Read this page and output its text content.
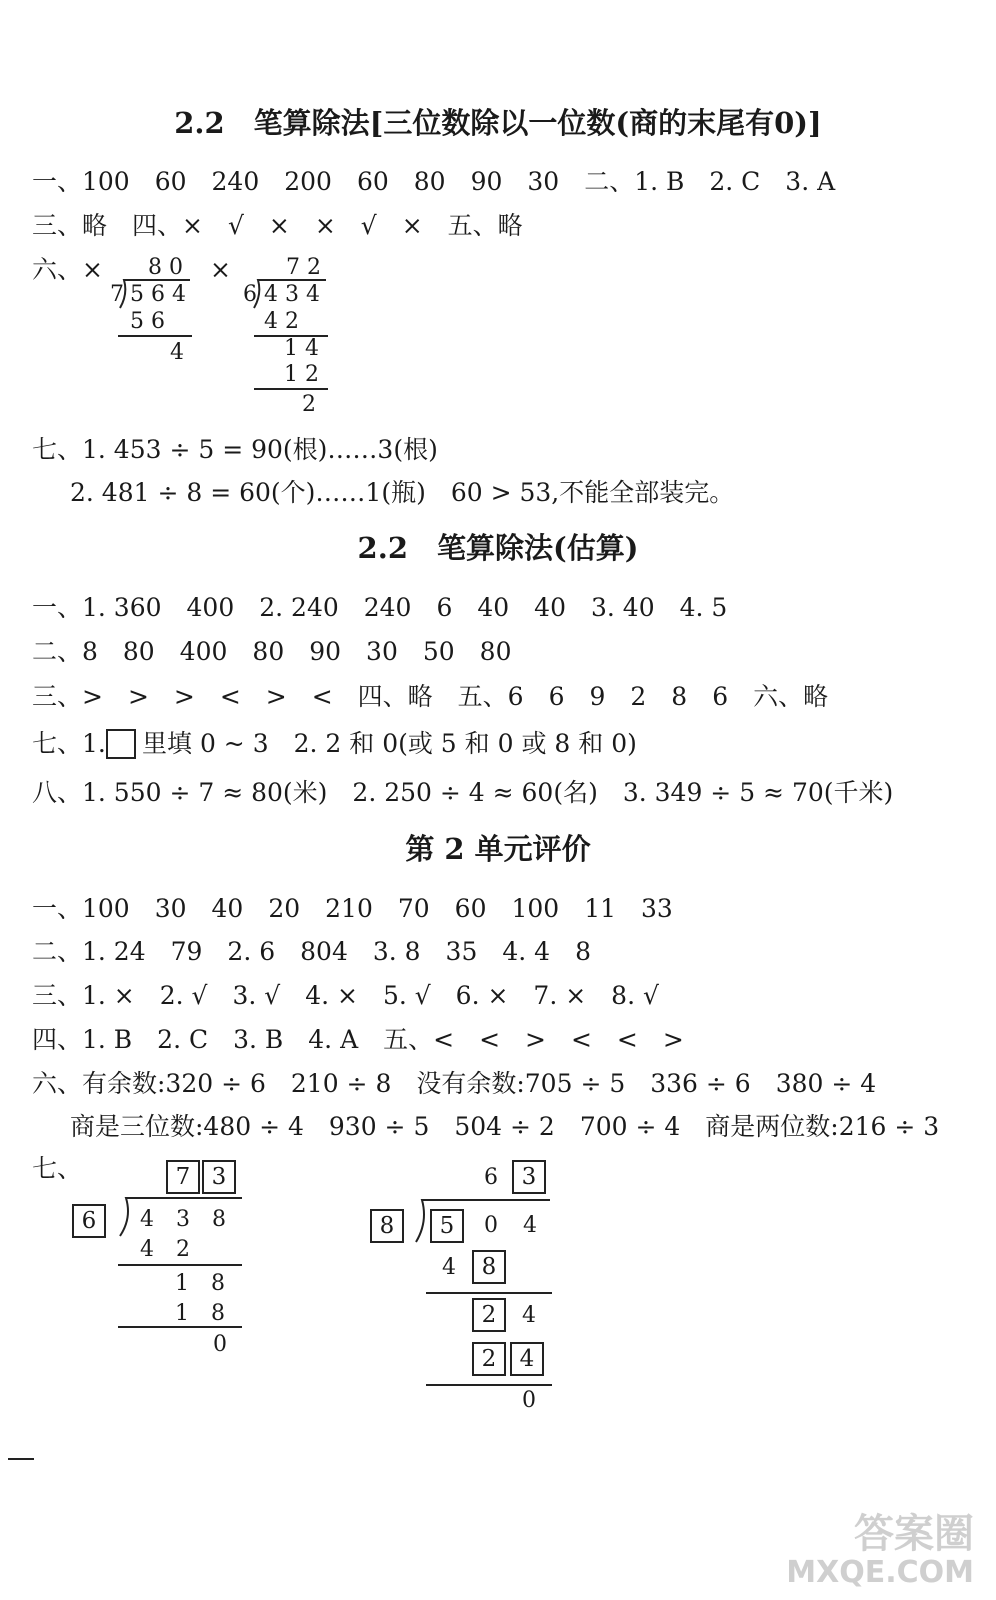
2.2　笔算除法[三位数除以一位数(商的末尾有0)]
一、100　60　240　200　60　80　90　30　二、1. B　2. C　3. A
三、略　四、×　√　×　×　√　×　五、略
六、×	×
8 0
7 5 6 4
5 6
4
7 2
6 4 3 4
4 2
1 4
1 2
2
七、1. 453 ÷ 5 = 90(根)……3(根)
2. 481 ÷ 8 = 60(个)……1(瓶)　60 > 53,不能全部装完。
2.2　笔算除法(估算)
一、1. 360　400　2. 240　240　6　40　40　3. 40　4. 5
二、8　80　400　80　90　30　50　80
三、>　>　>　<　>　<　四、略　五、6　6　9　2　8　6　六、略
七、1. 里填 0 ~ 3　2. 2 和 0(或 5 和 0 或 8 和 0)
八、1. 550 ÷ 7 ≈ 80(米)　2. 250 ÷ 4 ≈ 60(名)　3. 349 ÷ 5 ≈ 70(千米)
第 2 单元评价
一、100　30　40　20　210　70　60　100　11　33
二、1. 24　79　2. 6　804　3. 8　35　4. 4　8
三、1. ×　2. √　3. √　4. ×　5. √　6. ×　7. ×　8. √
四、1. B　2. C　3. B　4. A　五、<　<　>　<　<　>
六、有余数:320 ÷ 6　210 ÷ 8　没有余数:705 ÷ 5　336 ÷ 6　380 ÷ 4
商是三位数:480 ÷ 4　930 ÷ 5　504 ÷ 2　700 ÷ 4　商是两位数:216 ÷ 3
七、	7 3
6	4　3　8
4　2
1　8
1　8
0
6	3
8	5	0 4
4	8
2	4
2	4
0
答案圈
MXQE.COM
